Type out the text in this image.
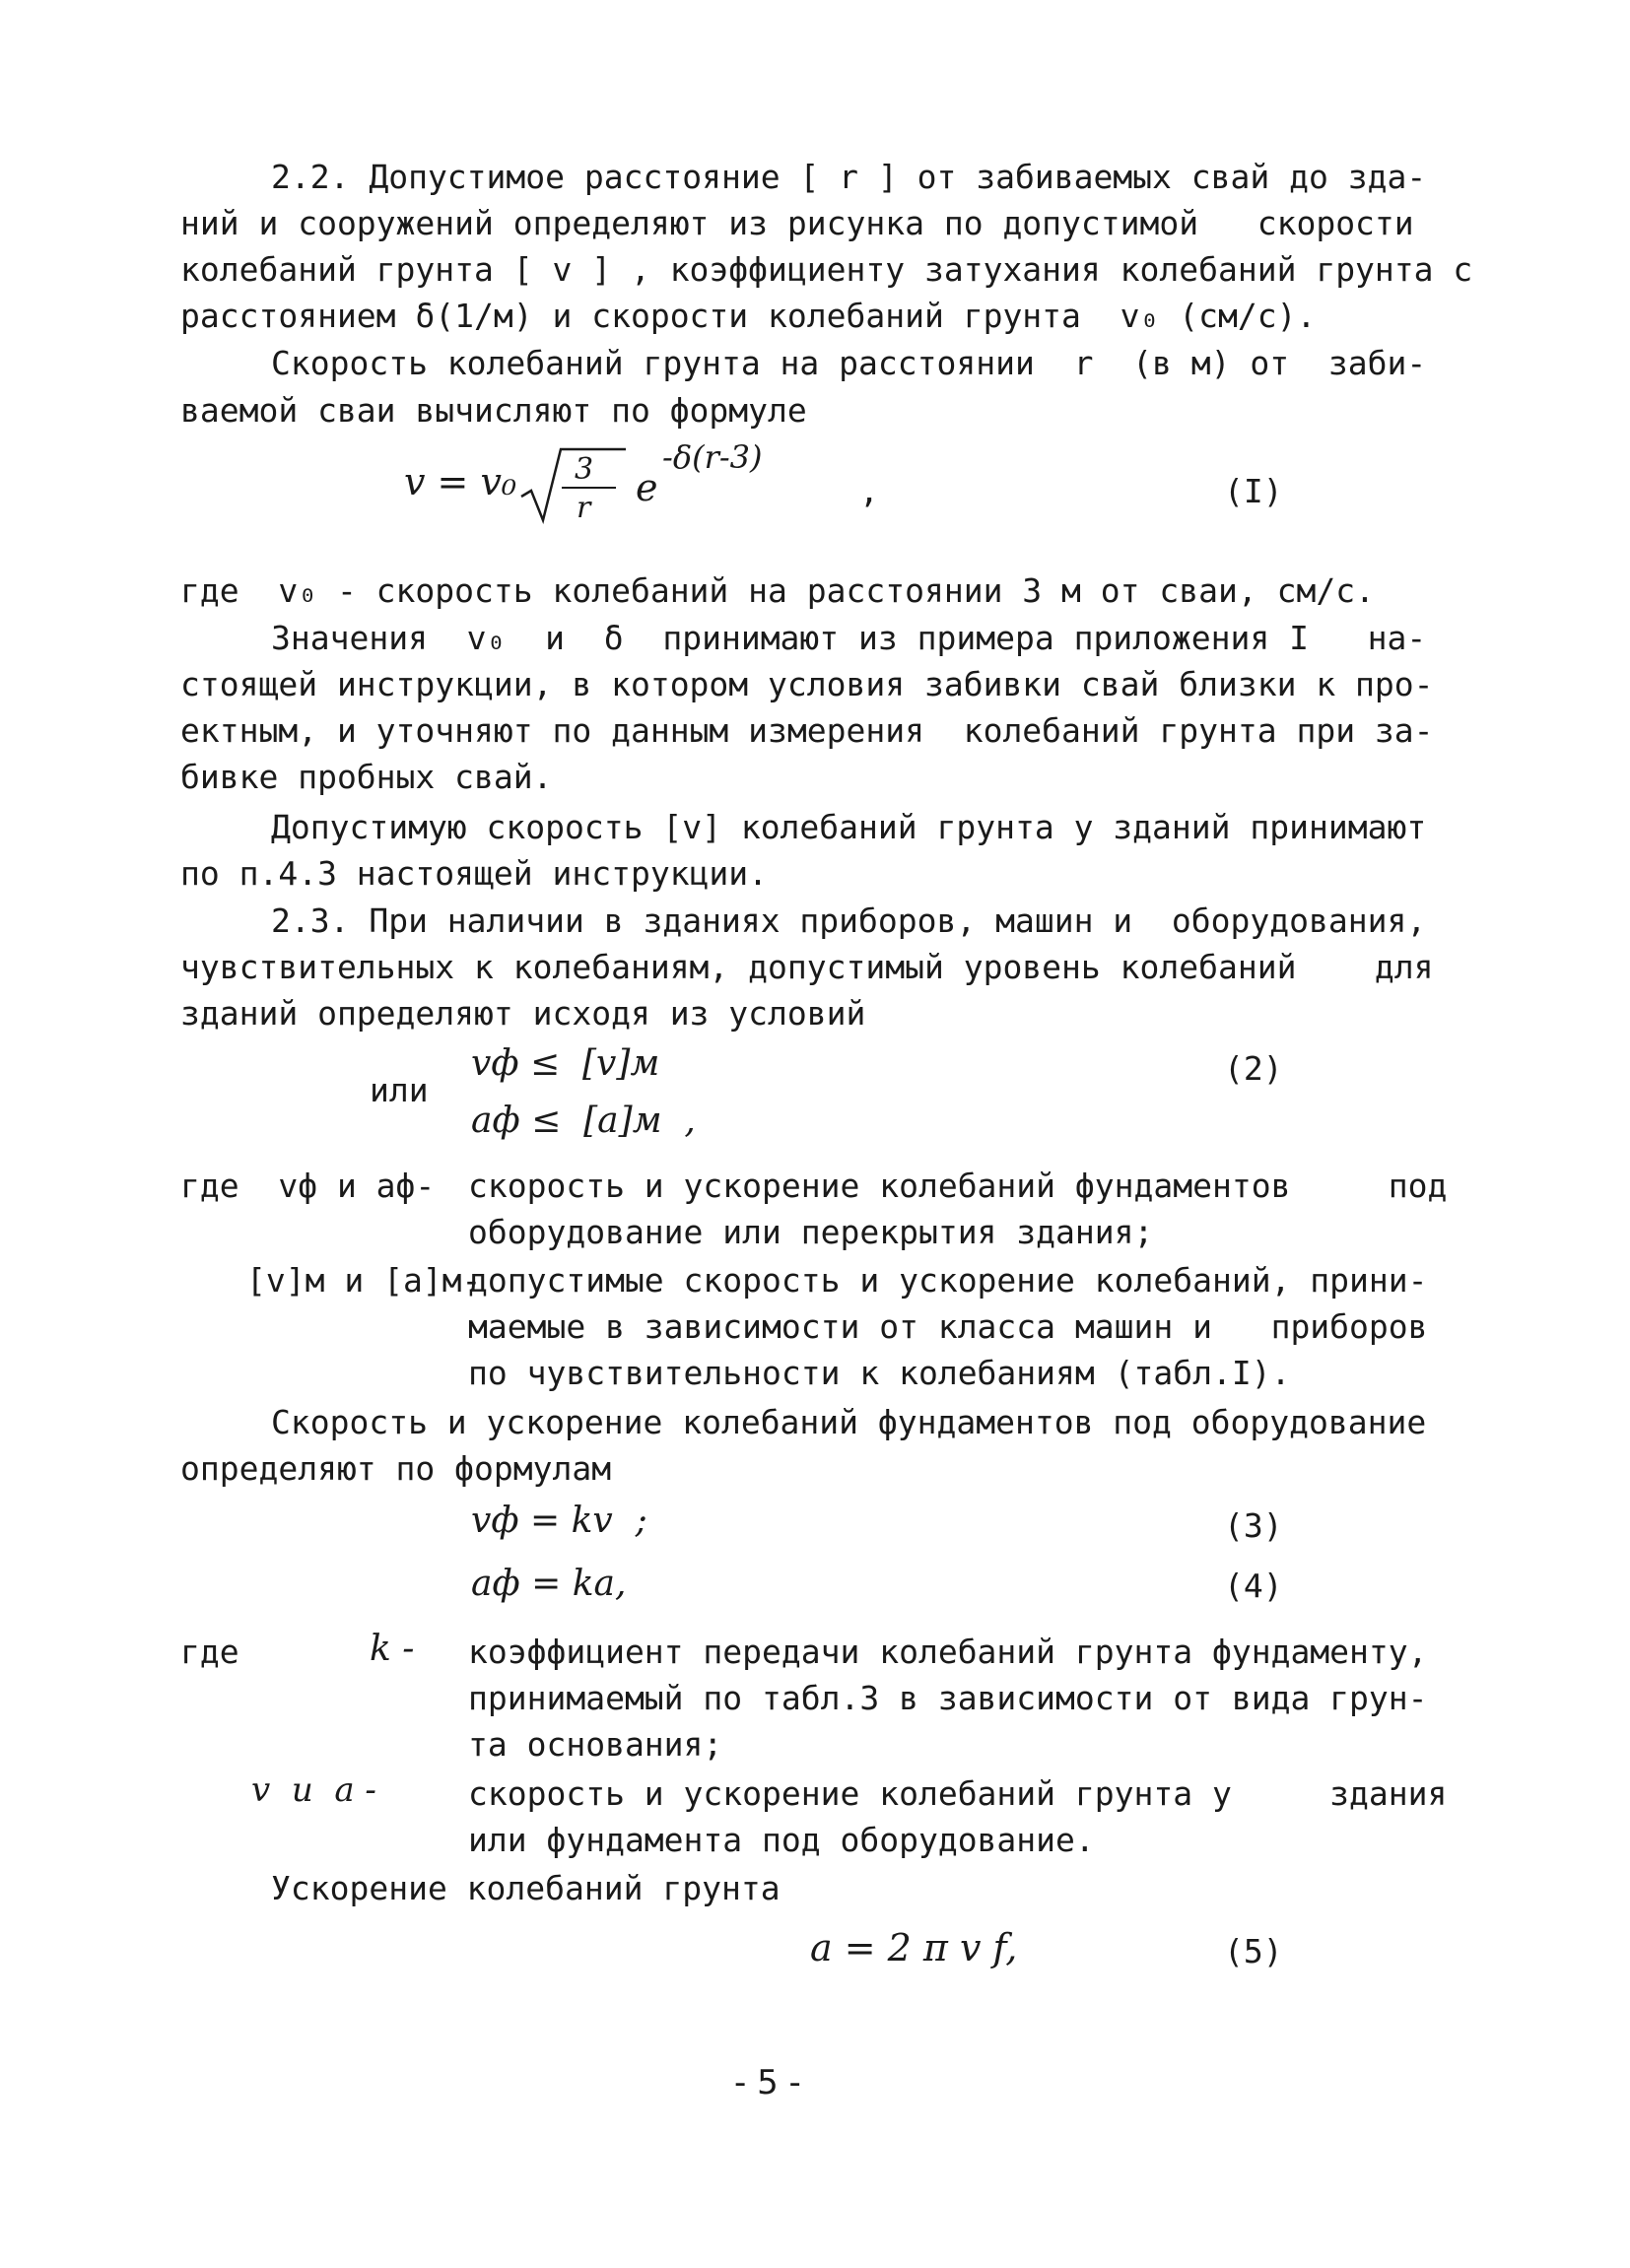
2.2. Допустимое расстояние [ r ] от забиваемых свай до зда-
ний и сооружений определяют из рисунка по допустимой   скорости
колебаний грунта [ v ] , коэффициенту затухания колебаний грунта с
расстоянием δ(1/м) и скорости колебаний грунта  v₀ (см/с).
Скорость колебаний грунта на расстоянии  r  (в м) от  заби-
ваемой сваи вычисляют по формуле
v = v₀ 3
r e
-δ(r-3)
,	(I)
где  v₀ - скорость колебаний на расстоянии 3 м от сваи, см/с.
Значения  v₀  и  δ  принимают из примера приложения I   на-
стоящей инструкции, в котором условия забивки свай близки к про-
ектным, и уточняют по данным измерения  колебаний грунта при за-
бивке пробных свай.
Допустимую скорость [v] колебаний грунта у зданий принимают
по п.4.3 настоящей инструкции.
2.3. При наличии в зданиях приборов, машин и  оборудования,
чувствительных к колебаниям, допустимый уровень колебаний    для
зданий определяют исходя из условий
или
vф ≤  [v]м
aф ≤  [a]м  ,
(2)
где  vф и aф- скорость и ускорение колебаний фундаментов     под
оборудование или перекрытия здания;
[v]м и [a]м-
допустимые скорость и ускорение колебаний, прини-
маемые в зависимости от класса машин и   приборов
по чувствительности к колебаниям (табл.I).
Скорость и ускорение колебаний фундаментов под оборудование
определяют по формулам
vф = kv  ;	(3)
aф = ka,	(4)
где	k - коэффициент передачи колебаний грунта фундаменту,
принимаемый по табл.3 в зависимости от вида грун-
та основания;
v  и  a -	скорость и ускорение колебаний грунта у     здания
или фундамента под оборудование.
Ускорение колебаний грунта
a = 2 π v f,	(5)
- 5 -
